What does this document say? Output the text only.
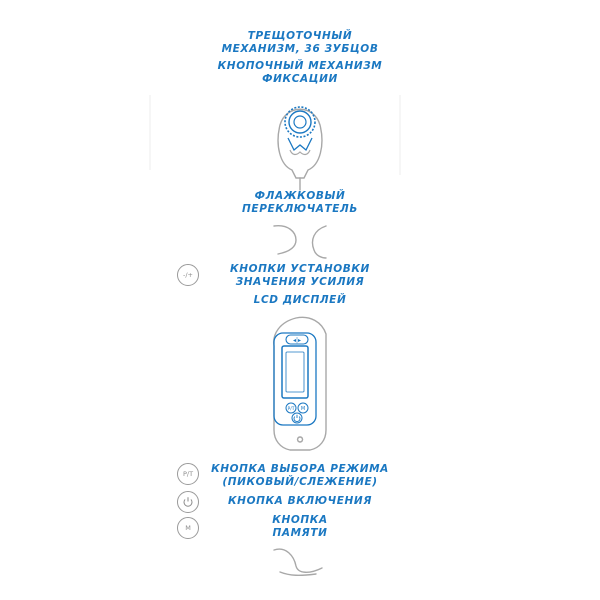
◂|▸
P/T M
ТРЕЩОТОЧНЫЙ
МЕХАНИЗМ, 36 ЗУБЦОВ
КНОПОЧНЫЙ МЕХАНИЗМ
ФИКСАЦИИ
ФЛАЖКОВЫЙ
ПЕРЕКЛЮЧАТЕЛЬ
-/+	КНОПКИ УСТАНОВКИ
ЗНАЧЕНИЯ УСИЛИЯ
LCD ДИСПЛЕЙ
P/T	КНОПКА ВЫБОРА РЕЖИМА
(ПИКОВЫЙ/СЛЕЖЕНИЕ)
КНОПКА ВКЛЮЧЕНИЯ
M
КНОПКА
ПАМЯТИ
